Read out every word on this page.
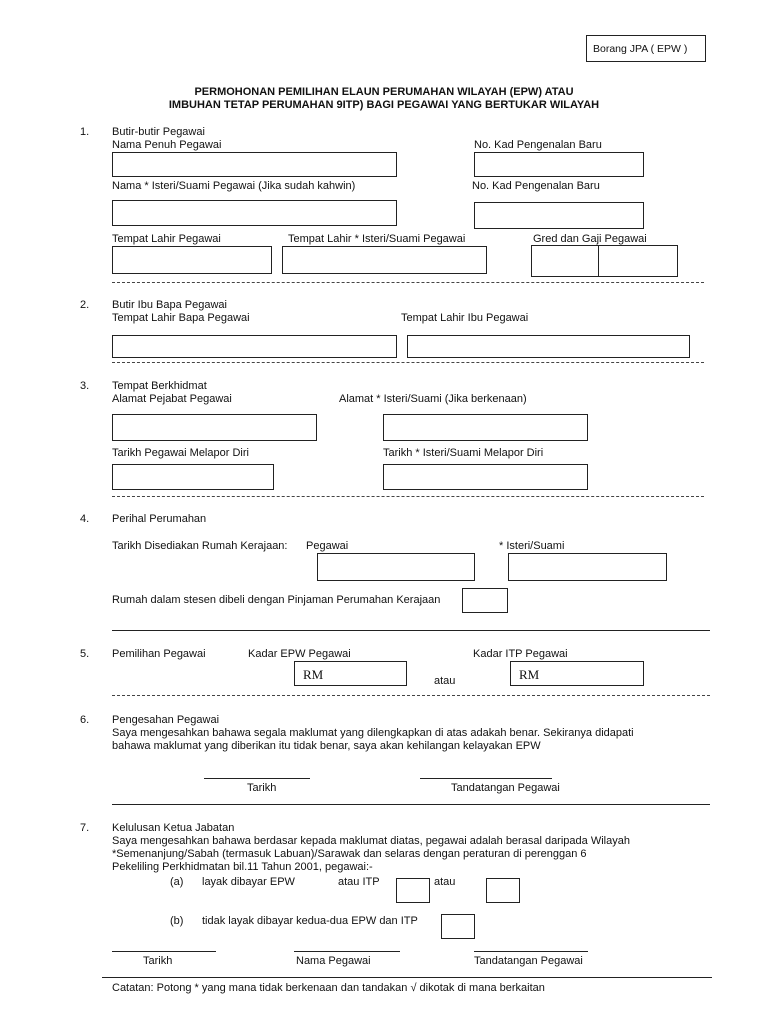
Borang JPA ( EPW )
PERMOHONAN PEMILIHAN ELAUN PERUMAHAN WILAYAH (EPW) ATAU
IMBUHAN TETAP PERUMAHAN 9ITP) BAGI PEGAWAI YANG BERTUKAR WILAYAH
1. Butir-butir Pegawai
Nama Penuh Pegawai	No. Kad Pengenalan Baru
Nama * Isteri/Suami Pegawai (Jika sudah kahwin)	No. Kad Pengenalan Baru
Tempat Lahir Pegawai	Tempat Lahir * Isteri/Suami Pegawai	Gred dan Gaji Pegawai
2. Butir Ibu Bapa Pegawai
Tempat Lahir Bapa Pegawai	Tempat Lahir Ibu Pegawai
3. Tempat Berkhidmat
Alamat Pejabat Pegawai	Alamat * Isteri/Suami (Jika berkenaan)
Tarikh Pegawai Melapor Diri	Tarikh * Isteri/Suami Melapor Diri
4. Perihal Perumahan
Tarikh Disediakan Rumah Kerajaan: Pegawai	* Isteri/Suami
Rumah dalam stesen dibeli dengan Pinjaman Perumahan Kerajaan
5. Pemilihan Pegawai	Kadar EPW Pegawai	Kadar ITP Pegawai
RM	atau	RM
6. Pengesahan Pegawai
Saya mengesahkan bahawa segala maklumat yang dilengkapkan di atas adakah benar. Sekiranya didapati
bahawa maklumat yang diberikan itu tidak benar, saya akan kehilangan kelayakan EPW
Tarikh	Tandatangan Pegawai
7. Kelulusan Ketua Jabatan
Saya mengesahkan bahawa berdasar kepada maklumat diatas, pegawai adalah berasal daripada Wilayah
*Semenanjung/Sabah (termasuk Labuan)/Sarawak dan selaras dengan peraturan di perenggan 6
Pekeliling Perkhidmatan bil.11 Tahun 2001, pegawai:-
(a) layak dibayar EPW	atau ITP	atau
(b) tidak layak dibayar kedua-dua EPW dan ITP
Tarikh	Nama Pegawai	Tandatangan Pegawai
Catatan: Potong * yang mana tidak berkenaan dan tandakan √ dikotak di mana berkaitan
